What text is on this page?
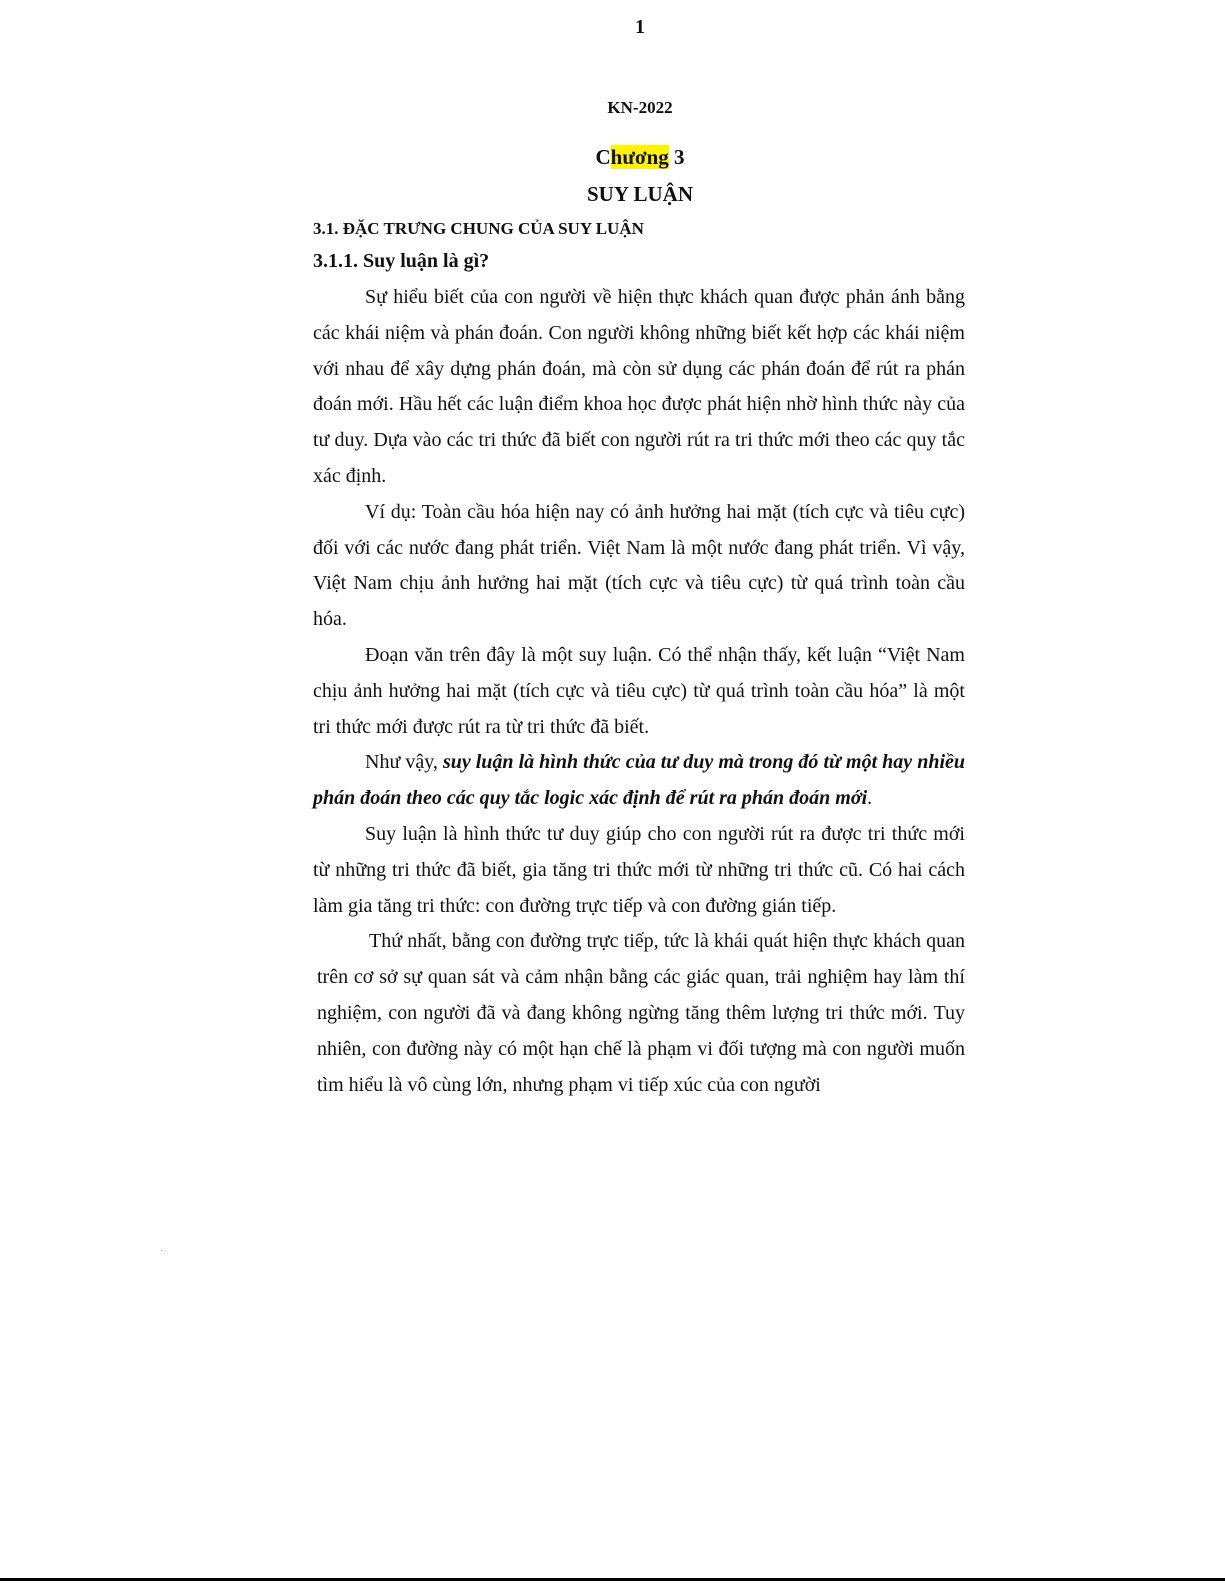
1
KN-2022
Chương 3
SUY LUẬN
3.1. ĐẶC TRƯNG CHUNG CỦA SUY LUẬN
3.1.1. Suy luận là gì?

Sự hiểu biết của con người về hiện thực khách quan được phản ánh bằng các khái niệm và phán đoán. Con người không những biết kết hợp các khái niệm với nhau để xây dựng phán đoán, mà còn sử dụng các phán đoán để rút ra phán đoán mới. Hầu hết các luận điểm khoa học được phát hiện nhờ hình thức này của tư duy. Dựa vào các tri thức đã biết con người rút ra tri thức mới theo các quy tắc xác định.

Ví dụ: Toàn cầu hóa hiện nay có ảnh hưởng hai mặt (tích cực và tiêu cực) đối với các nước đang phát triển. Việt Nam là một nước đang phát triển. Vì vậy, Việt Nam chịu ảnh hưởng hai mặt (tích cực và tiêu cực) từ quá trình toàn cầu hóa.

Đoạn văn trên đây là một suy luận. Có thể nhận thấy, kết luận “Việt Nam chịu ảnh hưởng hai mặt (tích cực và tiêu cực) từ quá trình toàn cầu hóa” là một tri thức mới được rút ra từ tri thức đã biết.

Như vậy, suy luận là hình thức của tư duy mà trong đó từ một hay nhiều phán đoán theo các quy tắc logic xác định để rút ra phán đoán mới.

Suy luận là hình thức tư duy giúp cho con người rút ra được tri thức mới từ những tri thức đã biết, gia tăng tri thức mới từ những tri thức cũ. Có hai cách làm gia tăng tri thức: con đường trực tiếp và con đường gián tiếp.

Thứ nhất, bằng con đường trực tiếp, tức là khái quát hiện thực khách quan trên cơ sở sự quan sát và cảm nhận bằng các giác quan, trải nghiệm hay làm thí nghiệm, con người đã và đang không ngừng tăng thêm lượng tri thức mới. Tuy nhiên, con đường này có một hạn chế là phạm vi đối tượng mà con người muốn tìm hiểu là vô cùng lớn, nhưng phạm vi tiếp xúc của con người
